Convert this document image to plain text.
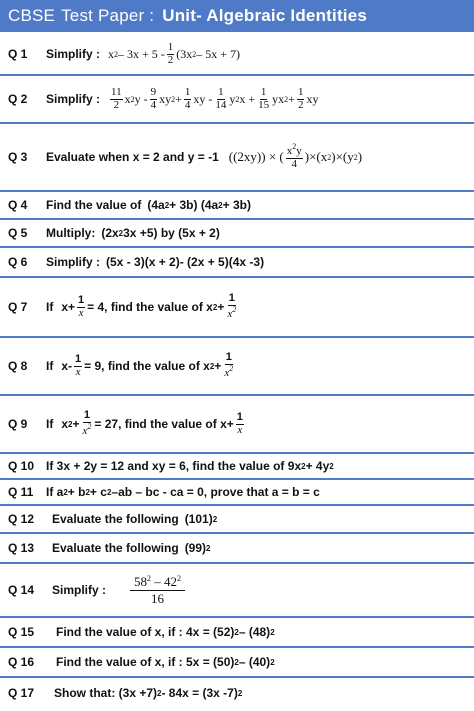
CBSE Test Paper : Unit- Algebraic Identities
Q 1	Simplify : x $2 - 3x + 5 - \frac{1}{2} (3x$ 2 – 5x + 7)
Q 2	Simplify : $\frac{11}{2}$ x 2 y - $\frac{9}{4}$ xy $2 + \frac{1}{4}$ xy - $\frac{1}{14}$ y 2 $x + \frac{1}{15}$ yx $2 + \frac{1}{2}$ xy
Q 3	Evaluate when x = 2 and y = -1 ((2xy)) × ( $\frac{x^2y}{4}$ )× (x 2 )× (y 2 )
Q 4	Find the value of (4a 2 + 3b) (4a 2 + 3b)
Q 5	Multiply: (2x 2 3x +5) by (5x + 2)
Q 6	Simplify : (5x - 3)(x + 2)- (2x + 5)(4x -3)
Q 7	If $x+ \frac{1}{x} = 4$, find the value of x $2 + \frac{1}{x^2}$
Q 8	If $x- \frac{1}{x} = 9$, find the value of x $2 + \frac{1}{x^2}$
Q 9	If x $2 + \frac{1}{x^2} = 27$, find the value of $x+ \frac{1}{x}$
Q 10 If 3x + 2y = 12 and xy = 6, find the value of 9x 2 + 4y 2
Q 11	If a 2 + b 2 + c 2 –ab – bc - ca = 0, prove that a = b = c
Q 12	Evaluate the following (101) 2
Q 13	Evaluate the following (99) 2
Q 14	Simplify : $\frac{58^2 - 42^2}{16}$
Q 15	Find the value of x, if : 4x = (52) 2 – (48) 2
Q 16	Find the value of x, if : 5x = (50) 2 – (40) 2
Q 17	Show that: (3x +7) 2 - 84x = (3x -7) 2
